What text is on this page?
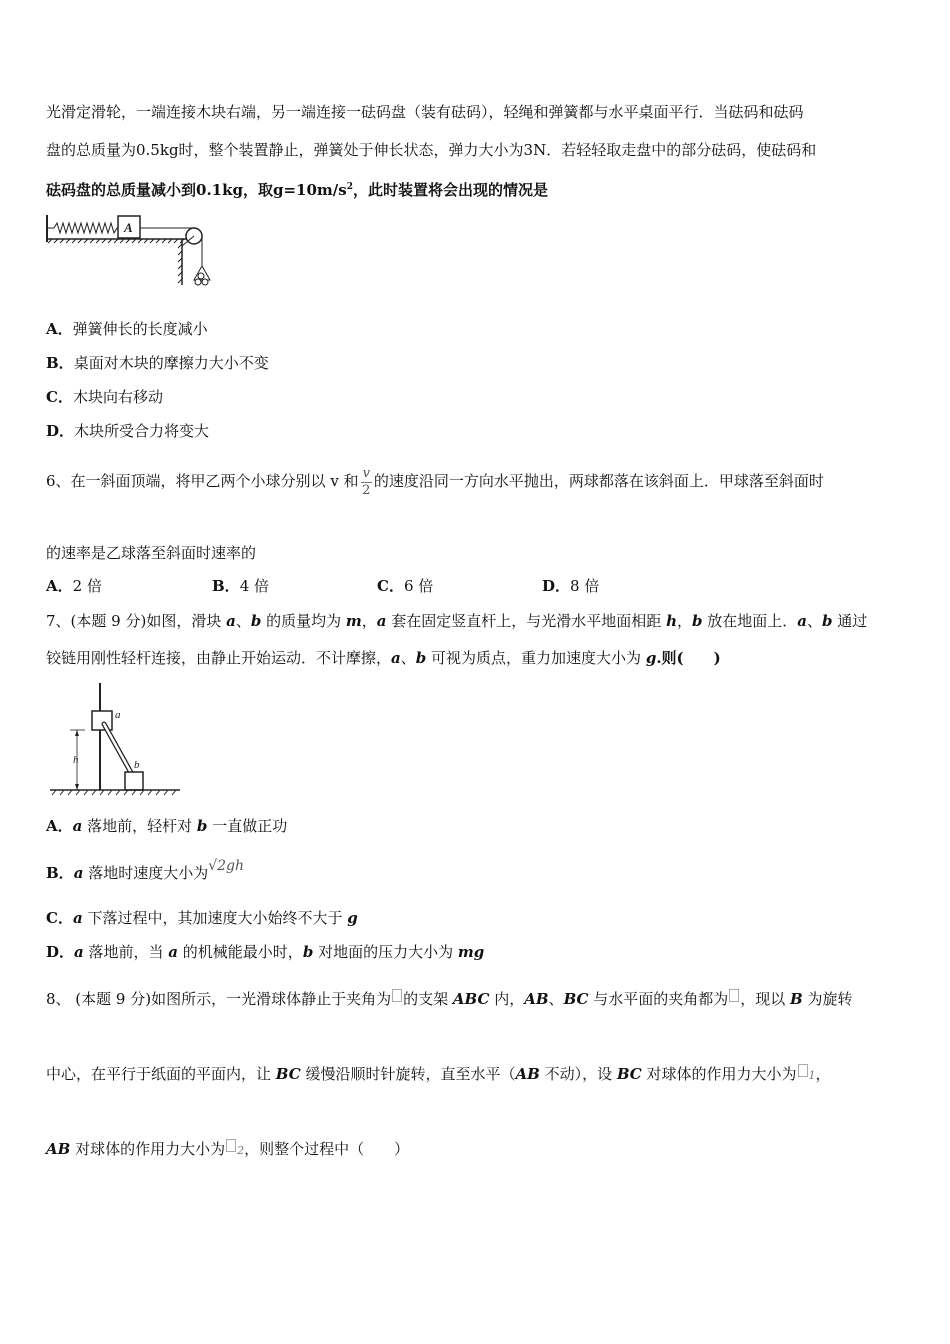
光滑定滑轮，一端连接木块右端，另一端连接一砝码盘（装有砝码），轻绳和弹簧都与水平桌面平行．当砝码和砝码
盘的总质量为0.5kg时，整个装置静止，弹簧处于伸长状态，弹力大小为3N．若轻轻取走盘中的部分砝码，使砝码和
砝码盘的总质量减小到0.1kg，取$g=10m/s^2$，此时装置将会出现的情况是
A
A．弹簧伸长的长度减小
B．桌面对木块的摩擦力大小不变
C．木块向右移动
D．木块所受合力将变大
6、在一斜面顶端，将甲乙两个小球分别以 v 和 $\frac{v}{2}$ 的速度沿同一方向水平抛出，两球都落在该斜面上．甲球落至斜面时
的速率是乙球落至斜面时速率的
A．2 倍	B．4 倍	C．6 倍	D．8 倍
7、(本题 9 分)如图，滑块 a、b 的质量均为 m，a 套在固定竖直杆上，与光滑水平地面相距 h，b 放在地面上．a、b 通过
铰链用刚性轻杆连接，由静止开始运动．不计摩擦，a、b 可视为质点，重力加速度大小为 g.则(　　)
a
b
h
A．a 落地前，轻杆对 b 一直做正功
B．a 落地时速度大小为√2gh
C．a 下落过程中，其加速度大小始终不大于 g
D．a 落地前，当 a 的机械能最小时，b 对地面的压力大小为 mg
8、 (本题 9 分)如图所示，一光滑球体静止于夹角为 的支架 ABC 内，AB、BC 与水平面的夹角都为 ，现以 B 为旋转
中心，在平行于纸面的平面内，让 BC 缓慢沿顺时针旋转，直至水平（AB 不动），设 BC 对球体的作用力大小为 1，
AB 对球体的作用力大小为 2，则整个过程中（　　）
